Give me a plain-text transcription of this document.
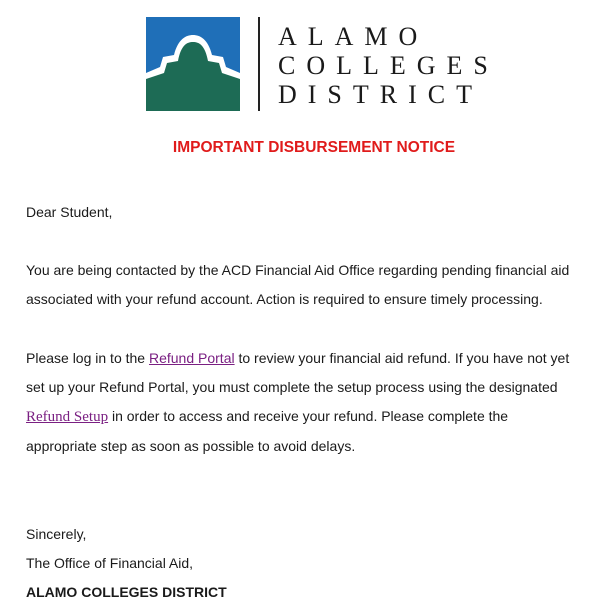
ALAMO
COLLEGES
DISTRICT
IMPORTANT DISBURSEMENT NOTICE
Dear Student,
You are being contacted by the ACD Financial Aid Office regarding pending financial aid
associated with your refund account. Action is required to ensure timely processing.
Please log in to the Refund Portal to review your financial aid refund. If you have not yet
set up your Refund Portal, you must complete the setup process using the designated
Refund Setup in order to access and receive your refund. Please complete the
appropriate step as soon as possible to avoid delays.
Sincerely,
The Office of Financial Aid,
ALAMO COLLEGES DISTRICT
